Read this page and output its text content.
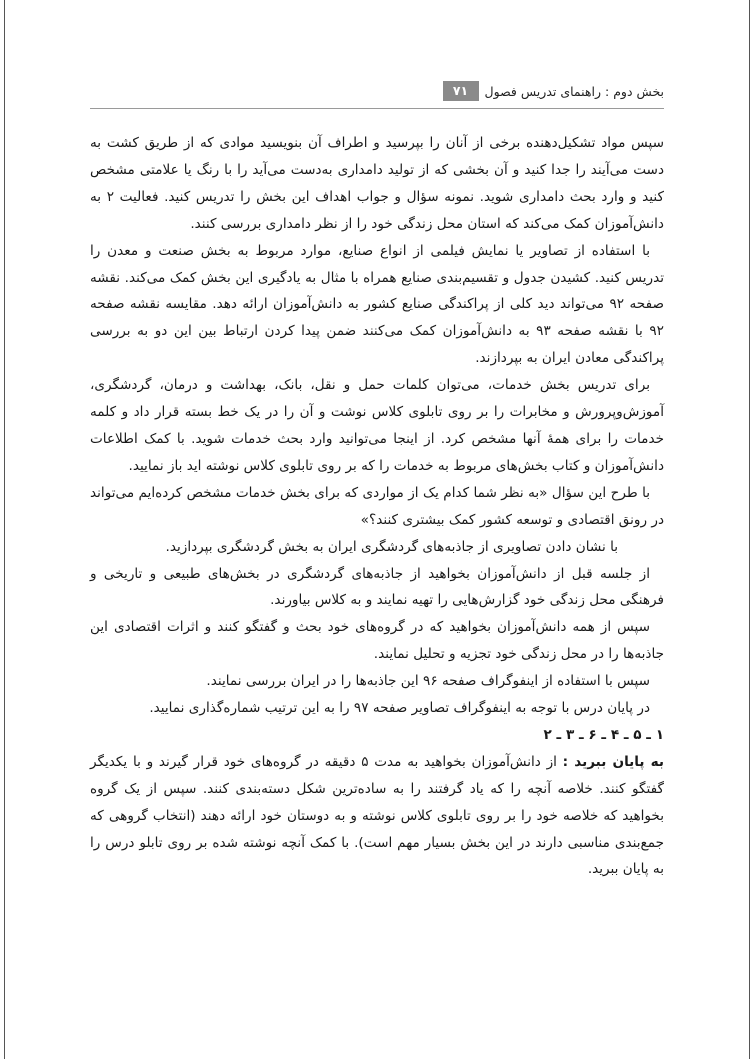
بخش دوم : راهنمای تدریس فصول
۷۱

سپس مواد تشکیل‌دهنده برخی از آنان را بپرسید و اطراف آن بنویسید موادی که از طریق کشت به دست می‌آیند را جدا کنید و آن بخشی که از تولید دامداری به‌دست می‌آید را با رنگ یا علامتی مشخص کنید و وارد بحث دامداری شوید. نمونه سؤال و جواب اهداف این بخش را تدریس کنید. فعالیت ۲ به دانش‌آموزان کمک می‌کند که استان محل زندگی خود را از نظر دامداری بررسی کنند.

با استفاده از تصاویر یا نمایش فیلمی از انواع صنایع، موارد مربوط به بخش صنعت و معدن را تدریس کنید. کشیدن جدول و تقسیم‌بندی صنایع همراه با مثال به یادگیری این بخش کمک می‌کند. نقشه صفحه ۹۲ می‌تواند دید کلی از پراکندگی صنایع کشور به دانش‌آموزان ارائه دهد. مقایسه نقشه صفحه ۹۲ با نقشه صفحه ۹۳ به دانش‌آموزان کمک می‌کنند ضمن پیدا کردن ارتباط بین این دو به بررسی پراکندگی معادن ایران به بپردازند.

برای تدریس بخش خدمات، می‌توان کلمات حمل و نقل، بانک، بهداشت و درمان، گردشگری، آموزش‌وپرورش و مخابرات را بر روی تابلوی کلاس نوشت و آن را در یک خط بسته قرار داد و کلمه خدمات را برای همهٔ آنها مشخص کرد. از اینجا می‌توانید وارد بحث خدمات شوید. با کمک اطلاعات دانش‌آموزان و کتاب بخش‌های مربوط به خدمات را که بر روی تابلوی کلاس نوشته اید باز نمایید.

با طرح این سؤال «به نظر شما کدام یک از مواردی که برای بخش خدمات مشخص کرده‌ایم می‌تواند در رونق اقتصادی و توسعه کشور کمک بیشتری کنند؟»

با نشان دادن تصاویری از جاذبه‌های گردشگری ایران به بخش گردشگری بپردازید.

از جلسه قبل از دانش‌آموزان بخواهید از جاذبه‌های گردشگری در بخش‌های طبیعی و تاریخی و فرهنگی محل زندگی خود گزارش‌هایی را تهیه نمایند و به کلاس بیاورند.

سپس از همه دانش‌آموزان بخواهید که در گروه‌های خود بحث و گفتگو کنند و اثرات اقتصادی این جاذبه‌ها را در محل زندگی خود تجزیه و تحلیل نمایند.

سپس با استفاده از اینفوگراف صفحه ۹۶ این جاذبه‌ها را در ایران بررسی نمایند.

در پایان درس با توجه به اینفوگراف تصاویر صفحه ۹۷ را به این ترتیب شماره‌گذاری نمایید.

۱ ـ ۵ ـ ۴ ـ ۶ ـ ۳ ـ ۲

به پایان ببرید : از دانش‌آموزان بخواهید به مدت ۵ دقیقه در گروه‌های خود قرار گیرند و با یکدیگر گفتگو کنند. خلاصه آنچه را که یاد گرفتند را به ساده‌ترین شکل دسته‌بندی کنند. سپس از یک گروه بخواهید که خلاصه خود را بر روی تابلوی کلاس نوشته و به دوستان خود ارائه دهند (انتخاب گروهی که جمع‌بندی مناسبی دارند در این بخش بسیار مهم است). با کمک آنچه نوشته شده بر روی تابلو درس را به پایان ببرید.
